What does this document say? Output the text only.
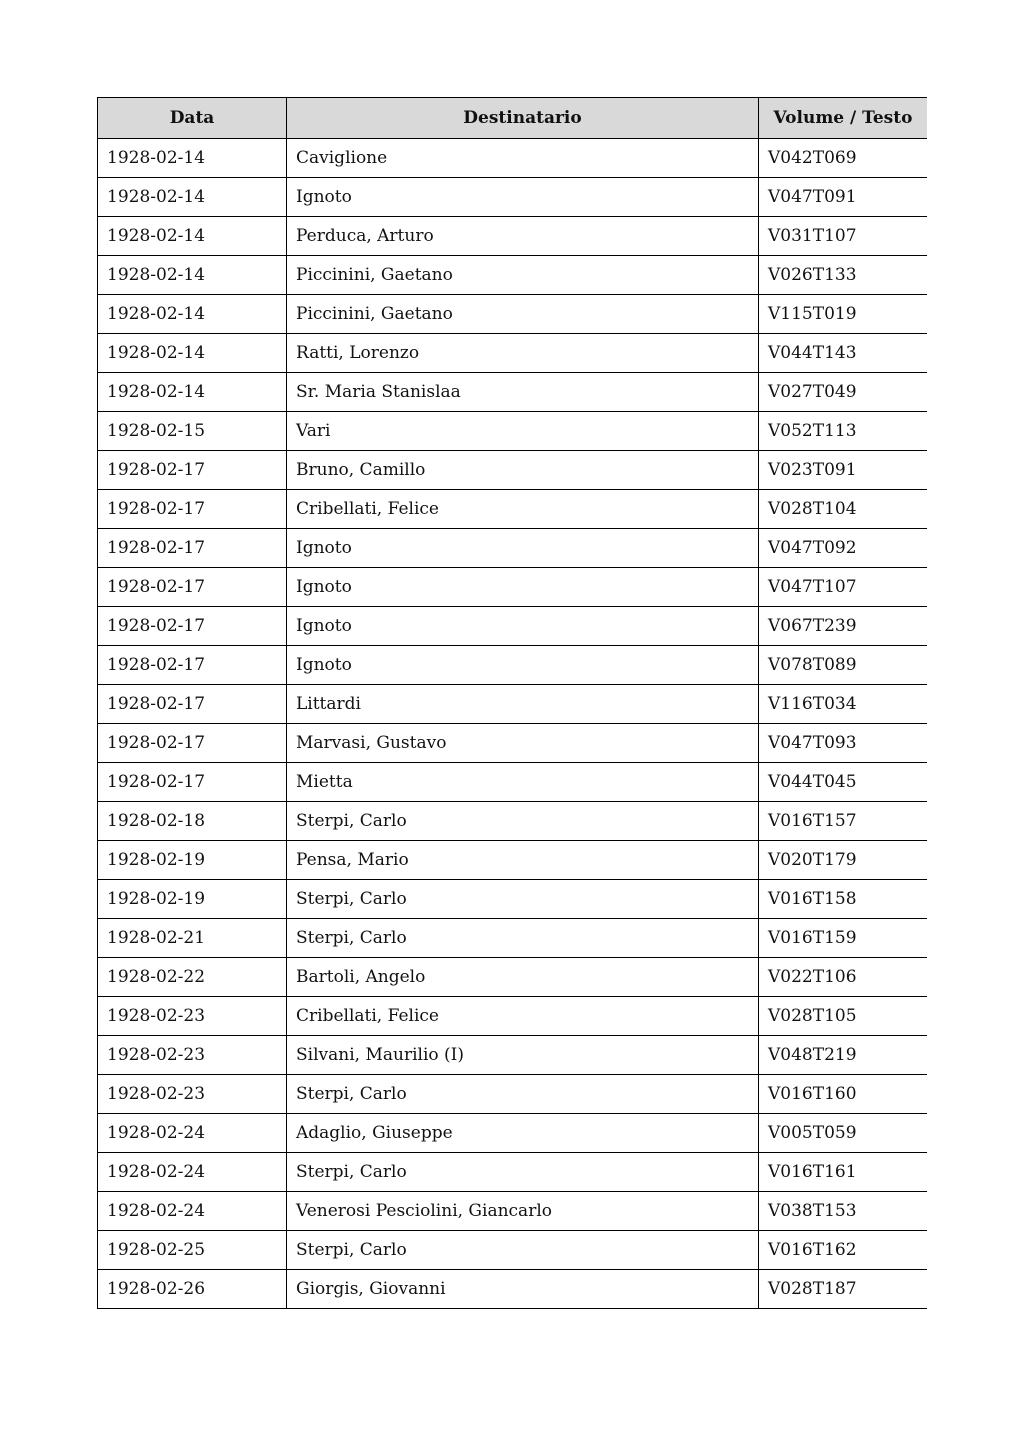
Data	Destinatario	Volume / Testo
1928-02-14	Caviglione	V042T069
1928-02-14	Ignoto	V047T091
1928-02-14	Perduca, Arturo	V031T107
1928-02-14	Piccinini, Gaetano	V026T133
1928-02-14	Piccinini, Gaetano	V115T019
1928-02-14	Ratti, Lorenzo	V044T143
1928-02-14	Sr. Maria Stanislaa	V027T049
1928-02-15	Vari	V052T113
1928-02-17	Bruno, Camillo	V023T091
1928-02-17	Cribellati, Felice	V028T104
1928-02-17	Ignoto	V047T092
1928-02-17	Ignoto	V047T107
1928-02-17	Ignoto	V067T239
1928-02-17	Ignoto	V078T089
1928-02-17	Littardi	V116T034
1928-02-17	Marvasi, Gustavo	V047T093
1928-02-17	Mietta	V044T045
1928-02-18	Sterpi, Carlo	V016T157
1928-02-19	Pensa, Mario	V020T179
1928-02-19	Sterpi, Carlo	V016T158
1928-02-21	Sterpi, Carlo	V016T159
1928-02-22	Bartoli, Angelo	V022T106
1928-02-23	Cribellati, Felice	V028T105
1928-02-23	Silvani, Maurilio (I)	V048T219
1928-02-23	Sterpi, Carlo	V016T160
1928-02-24	Adaglio, Giuseppe	V005T059
1928-02-24	Sterpi, Carlo	V016T161
1928-02-24	Venerosi Pesciolini, Giancarlo	V038T153
1928-02-25	Sterpi, Carlo	V016T162
1928-02-26	Giorgis, Giovanni	V028T187
